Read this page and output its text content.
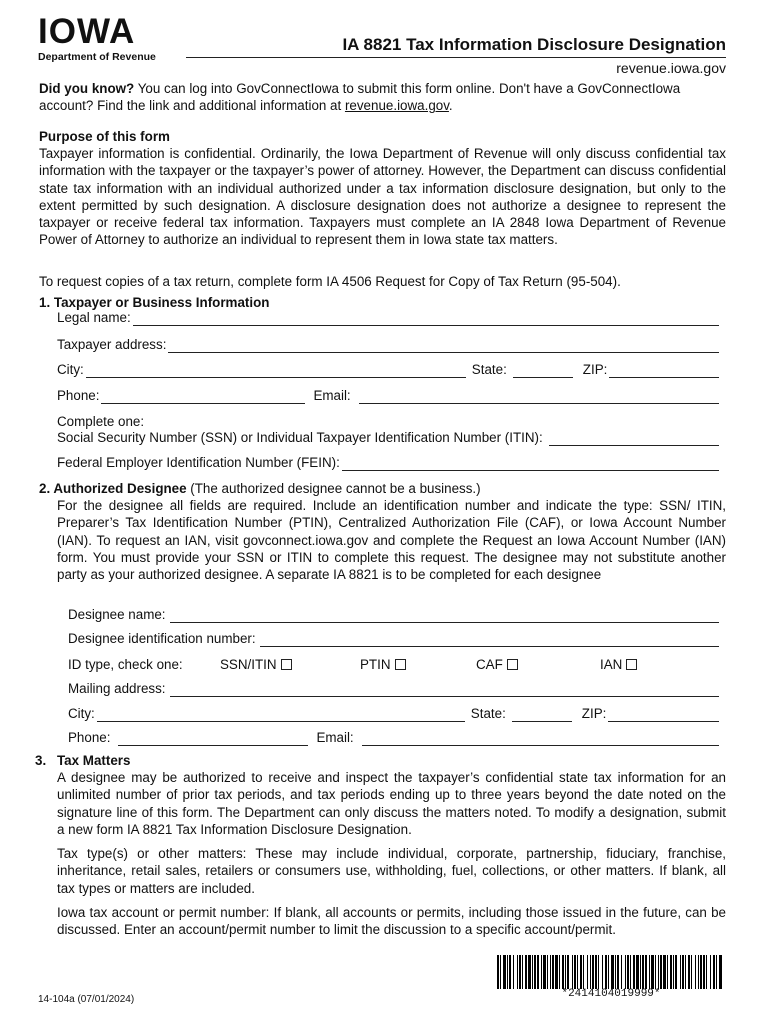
IOWA
Department of Revenue
IA 8821 Tax Information Disclosure Designation
revenue.iowa.gov
Did you know? You can log into GovConnectIowa to submit this form online. Don't have a GovConnectIowa account? Find the link and additional information at revenue.iowa.gov.
Purpose of this form
Taxpayer information is confidential. Ordinarily, the Iowa Department of Revenue will only discuss confidential tax information with the taxpayer or the taxpayer’s power of attorney. However, the Department can discuss confidential state tax information with an individual authorized under a tax information disclosure designation, but only to the extent permitted by such designation. A disclosure designation does not authorize a designee to represent the taxpayer or receive federal tax information. Taxpayers must complete an IA 2848 Iowa Department of Revenue Power of Attorney to authorize an individual to represent them in Iowa state tax matters.
To request copies of a tax return, complete form IA 4506 Request for Copy of Tax Return (95-504).
1. Taxpayer or Business Information
Legal name:
Taxpayer address:
City:	State:	ZIP:
Phone:	Email:
Complete one:
Social Security Number (SSN) or Individual Taxpayer Identification Number (ITIN):
Federal Employer Identification Number (FEIN):
2. Authorized Designee (The authorized designee cannot be a business.)
For the designee all fields are required. Include an identification number and indicate the type: SSN/ ITIN, Preparer’s Tax Identification Number (PTIN), Centralized Authorization File (CAF), or Iowa Account Number (IAN). To request an IAN, visit govconnect.iowa.gov and complete the Request an Iowa Account Number (IAN) form. You must provide your SSN or ITIN to complete this request. The designee may not substitute another party as your authorized designee. A separate IA 8821 is to be completed for each designee
Designee name:
Designee identification number:
ID type, check one:	SSN/ITIN	PTIN	CAF	IAN
Mailing address:
City:	State:	ZIP:
Phone:	Email:
3. Tax Matters
A designee may be authorized to receive and inspect the taxpayer’s confidential state tax information for an unlimited number of prior tax periods, and tax periods ending up to three years beyond the date noted on the signature line of this form. The Department can only discuss the matters noted. To modify a designation, submit a new form IA 8821 Tax Information Disclosure Designation.
Tax type(s) or other matters: These may include individual, corporate, partnership, fiduciary, franchise, inheritance, retail sales, retailers or consumers use, withholding, fuel, collections, or other matters. If blank, all tax types or matters are included.
Iowa tax account or permit number: If blank, all accounts or permits, including those issued in the future, can be discussed. Enter an account/permit number to limit the discussion to a specific account/permit.
*2414104019999*
14-104a (07/01/2024)
